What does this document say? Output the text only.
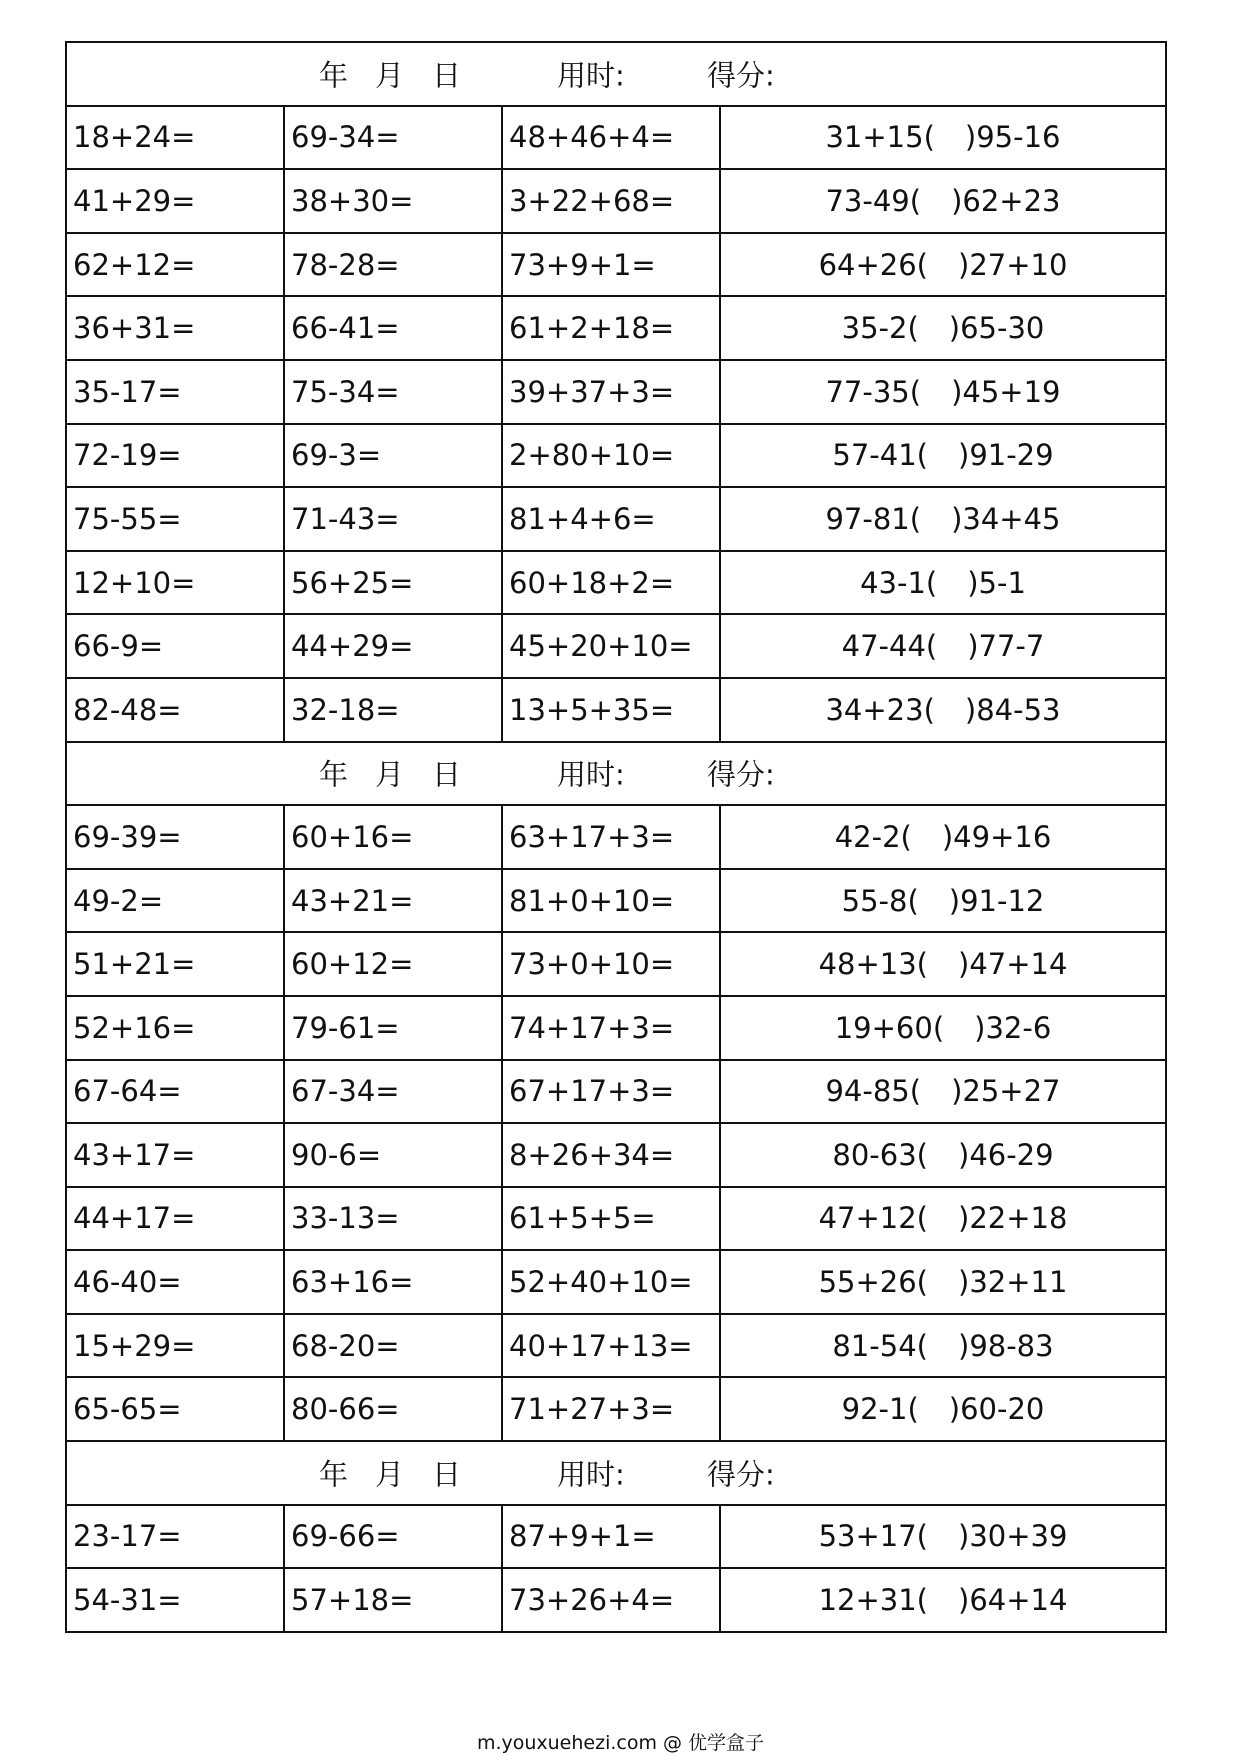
年 月 日 用时: 得分:			

18+24=	69-34=	48+46+4=	31+15( )95-16
41+29=	38+30=	3+22+68=	73-49( )62+23
62+12=	78-28=	73+9+1=	64+26( )27+10
36+31=	66-41=	61+2+18=	35-2( )65-30
35-17=	75-34=	39+37+3=	77-35( )45+19
72-19=	69-3=	2+80+10=	57-41( )91-29
75-55=	71-43=	81+4+6=	97-81( )34+45
12+10=	56+25=	60+18+2=	43-1( )5-1
66-9=	44+29=	45+20+10=	47-44( )77-7
82-48=	32-18=	13+5+35=	34+23( )84-53

年 月 日 用时: 得分:			

69-39=	60+16=	63+17+3=	42-2( )49+16
49-2=	43+21=	81+0+10=	55-8( )91-12
51+21=	60+12=	73+0+10=	48+13( )47+14
52+16=	79-61=	74+17+3=	19+60( )32-6
67-64=	67-34=	67+17+3=	94-85( )25+27
43+17=	90-6=	8+26+34=	80-63( )46-29
44+17=	33-13=	61+5+5=	47+12( )22+18
46-40=	63+16=	52+40+10=	55+26( )32+11
15+29=	68-20=	40+17+13=	81-54( )98-83
65-65=	80-66=	71+27+3=	92-1( )60-20

年 月 日 用时: 得分:			

23-17=	69-66=	87+9+1=	53+17( )30+39
54-31=	57+18=	73+26+4=	12+31( )64+14
m.youxuehezi.com @ 优学盒子
